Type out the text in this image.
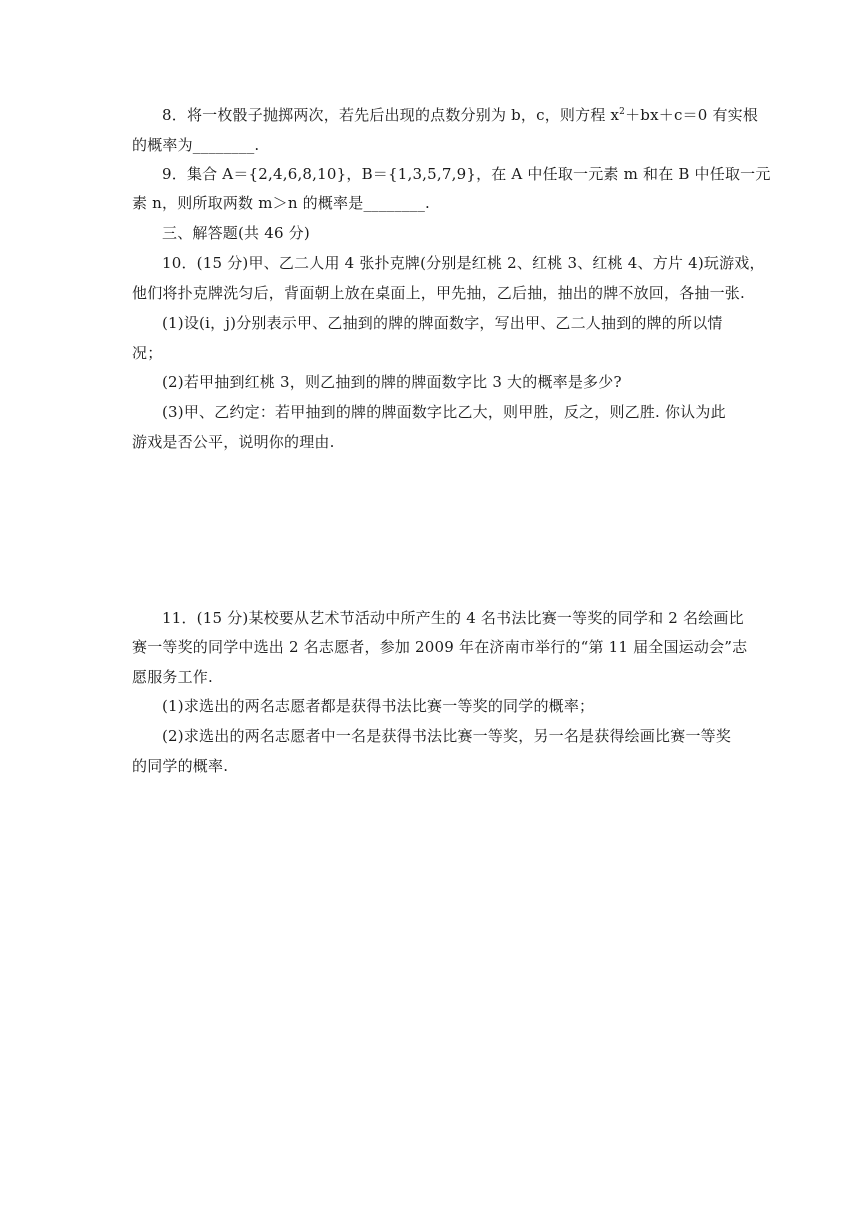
8．将一枚骰子抛掷两次，若先后出现的点数分别为 b，c，则方程 $x^2+bx+c=0$ 有实根
的概率为________.
9．集合 A＝{2,4,6,8,10}，B＝{1,3,5,7,9}，在 A 中任取一元素 m 和在 B 中任取一元
素 n，则所取两数 m＞n 的概率是________.
三、解答题(共 46 分)
10．(15 分)甲、乙二人用 4 张扑克牌(分别是红桃 2、红桃 3、红桃 4、方片 4)玩游戏，
他们将扑克牌洗匀后，背面朝上放在桌面上，甲先抽，乙后抽，抽出的牌不放回，各抽一张.
(1)设(i，j)分别表示甲、乙抽到的牌的牌面数字，写出甲、乙二人抽到的牌的所以情
况；
(2)若甲抽到红桃 3，则乙抽到的牌的牌面数字比 3 大的概率是多少?
(3)甲、乙约定：若甲抽到的牌的牌面数字比乙大，则甲胜，反之，则乙胜. 你认为此
游戏是否公平，说明你的理由.
11．(15 分)某校要从艺术节活动中所产生的 4 名书法比赛一等奖的同学和 2 名绘画比
赛一等奖的同学中选出 2 名志愿者，参加 2009 年在济南市举行的“第 11 届全国运动会”志
愿服务工作.
(1)求选出的两名志愿者都是获得书法比赛一等奖的同学的概率；
(2)求选出的两名志愿者中一名是获得书法比赛一等奖，另一名是获得绘画比赛一等奖
的同学的概率.
